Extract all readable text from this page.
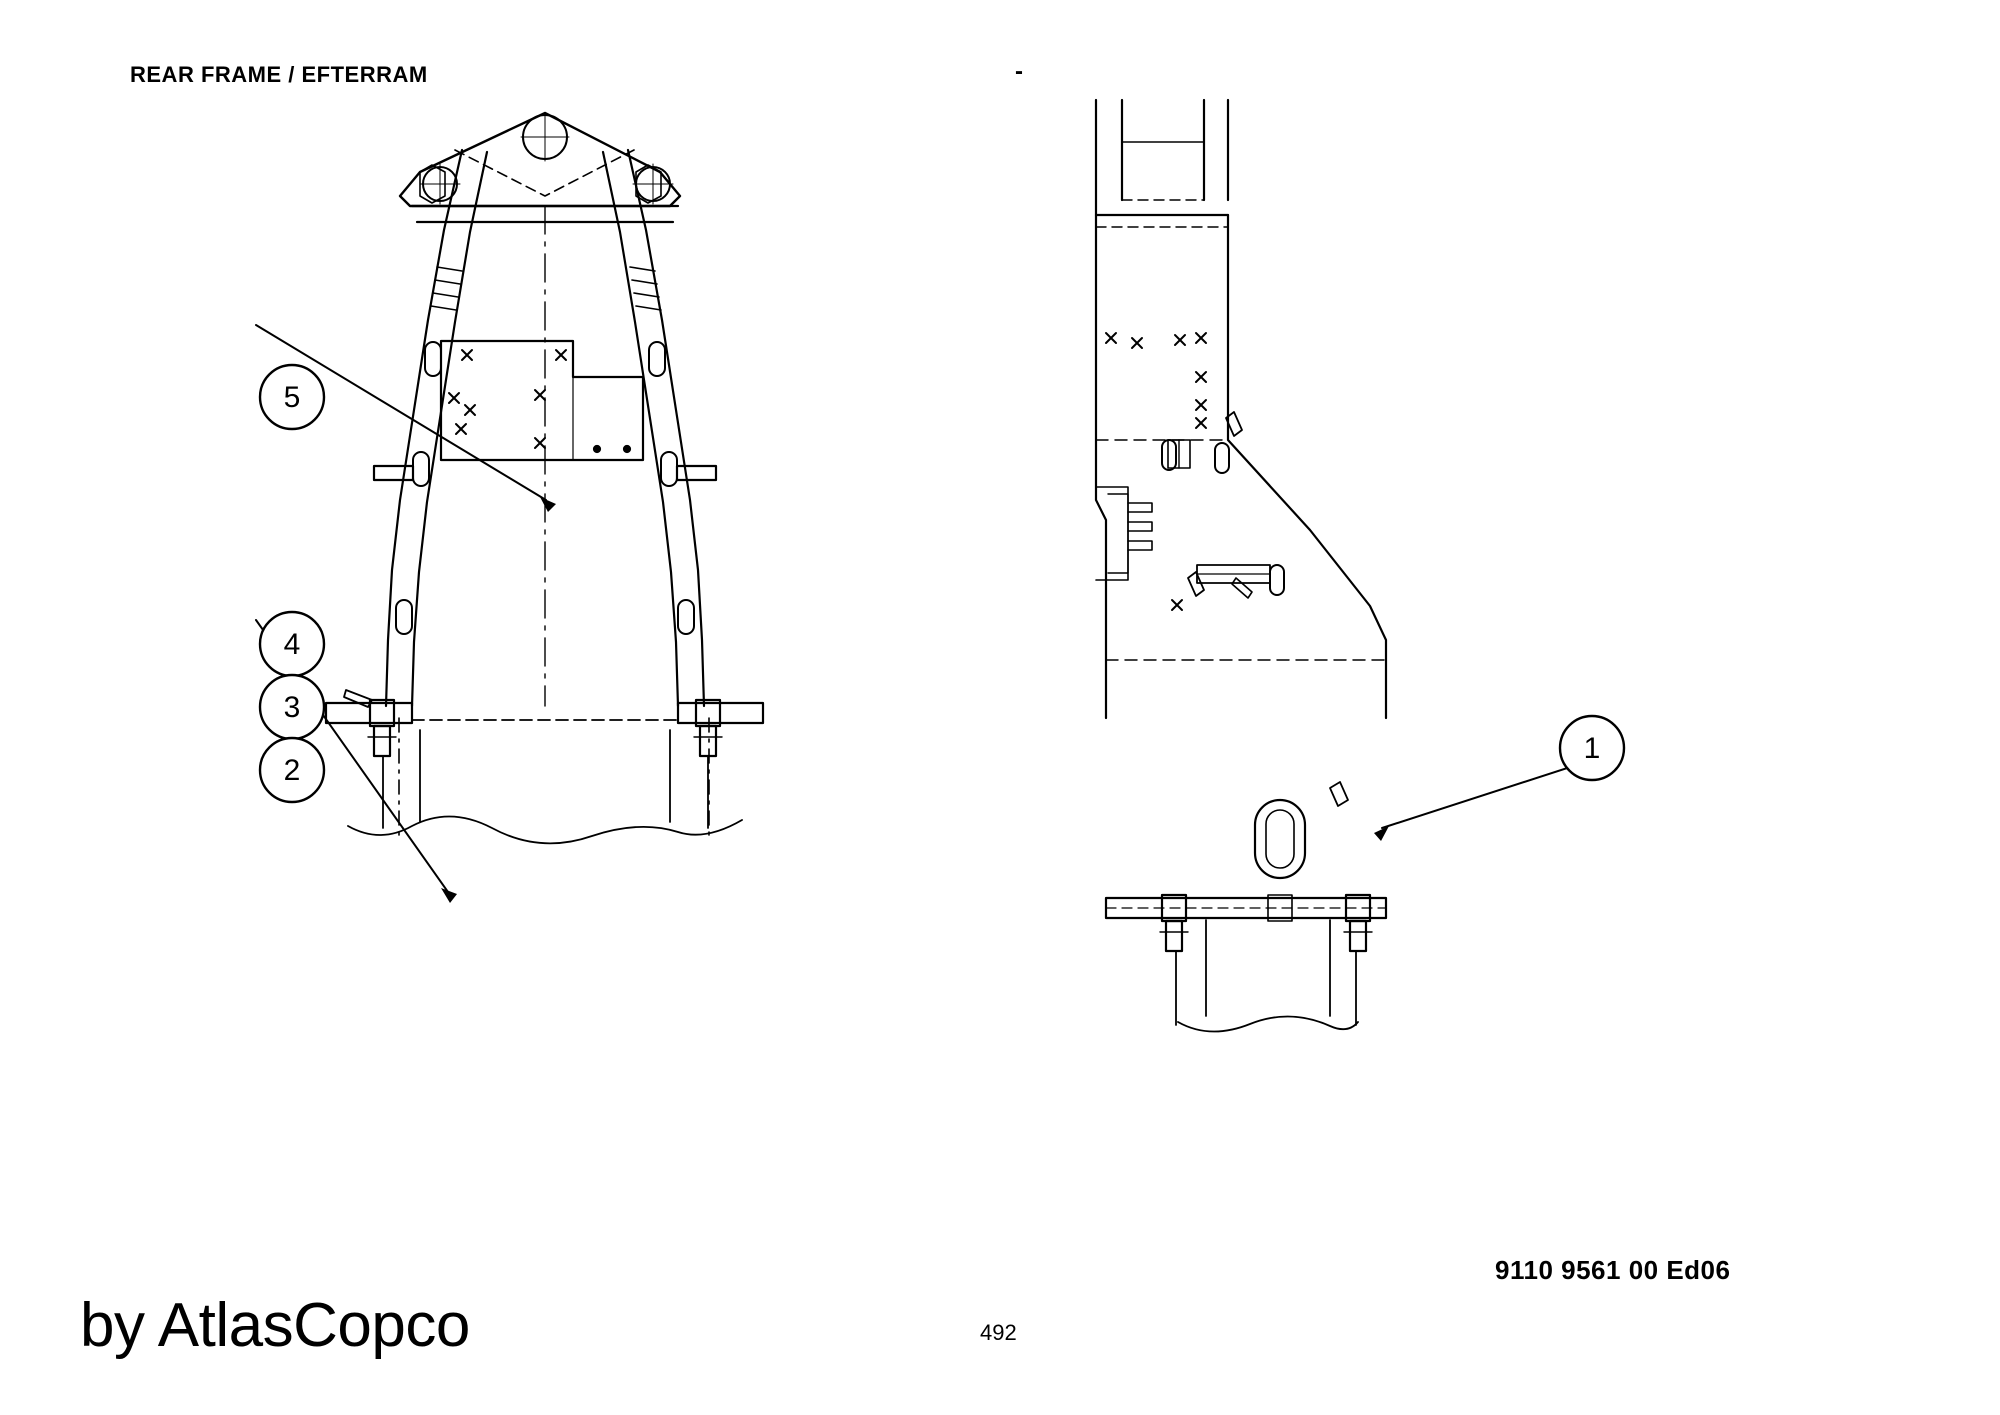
REAR FRAME / EFTERRAM	-
5
4
3
2
1
by AtlasCopco	492
9110 9561 00 Ed06
